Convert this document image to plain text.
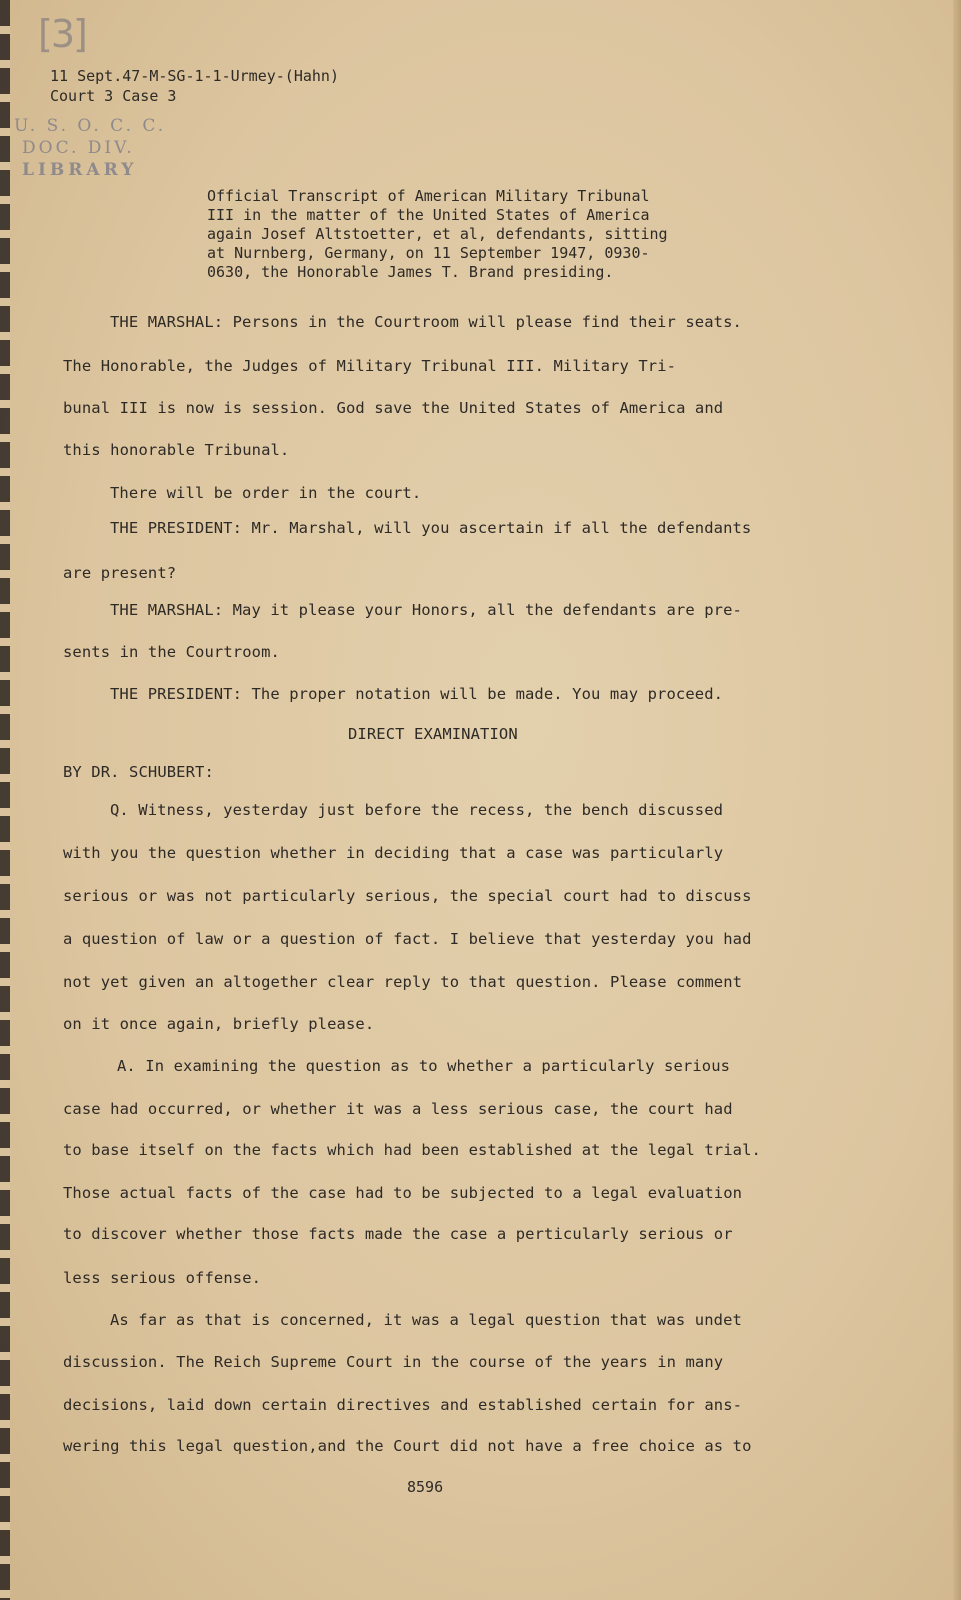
[3]
11 Sept.47-M-SG-1-1-Urmey-(Hahn)
Court 3 Case 3
U. S. O. C. C.
DOC. DIV.
LIBRARY
Official Transcript of American Military Tribunal
III in the matter of the United States of America
again Josef Altstoetter, et al, defendants, sitting
at Nurnberg, Germany, on 11 September 1947, 0930-
0630, the Honorable James T. Brand presiding.
THE MARSHAL: Persons in the Courtroom will please find their seats.
The Honorable, the Judges of Military Tribunal III. Military Tri-
bunal III is now is session. God save the United States of America and
this honorable Tribunal.
There will be order in the court.
THE PRESIDENT: Mr. Marshal, will you ascertain if all the defendants
are present?
THE MARSHAL: May it please your Honors, all the defendants are pre-
sents in the Courtroom.
THE PRESIDENT: The proper notation will be made. You may proceed.
DIRECT EXAMINATION
BY DR. SCHUBERT:
Q. Witness, yesterday just before the recess, the bench discussed
with you the question whether in deciding that a case was particularly
serious or was not particularly serious, the special court had to discuss
a question of law or a question of fact. I believe that yesterday you had
not yet given an altogether clear reply to that question. Please comment
on it once again, briefly please.
A. In examining the question as to whether a particularly serious
case had occurred, or whether it was a less serious case, the court had
to base itself on the facts which had been established at the legal trial.
Those actual facts of the case had to be subjected to a legal evaluation
to discover whether those facts made the case a perticularly serious or
less serious offense.
As far as that is concerned, it was a legal question that was undet
discussion. The Reich Supreme Court in the course of the years in many
decisions, laid down certain directives and established certain for ans-
wering this legal question,and the Court did not have a free choice as to
8596
